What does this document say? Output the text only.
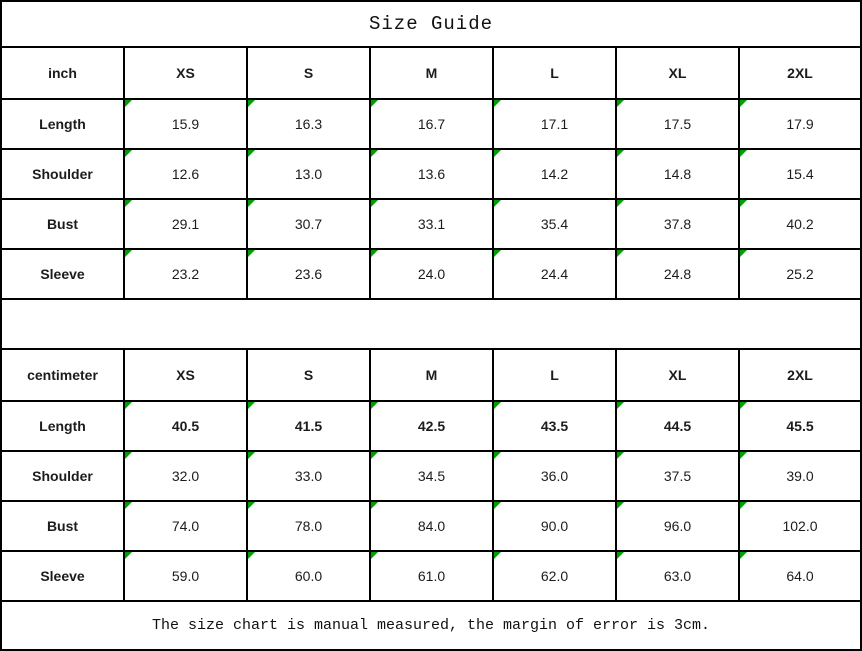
Size Guide						
inch	XS	S	M	L	XL	2XL
Length	15.9	16.3	16.7	17.1	17.5	17.9
Shoulder	12.6	13.0	13.6	14.2	14.8	15.4
Bust	29.1	30.7	33.1	35.4	37.8	40.2
Sleeve	23.2	23.6	24.0	24.4	24.8	25.2

centimeter	XS	S	M	L	XL	2XL
Length	40.5	41.5	42.5	43.5	44.5	45.5
Shoulder	32.0	33.0	34.5	36.0	37.5	39.0
Bust	74.0	78.0	84.0	90.0	96.0	102.0
Sleeve	59.0	60.0	61.0	62.0	63.0	64.0
The size chart is manual measured, the margin of error is 3cm.						
